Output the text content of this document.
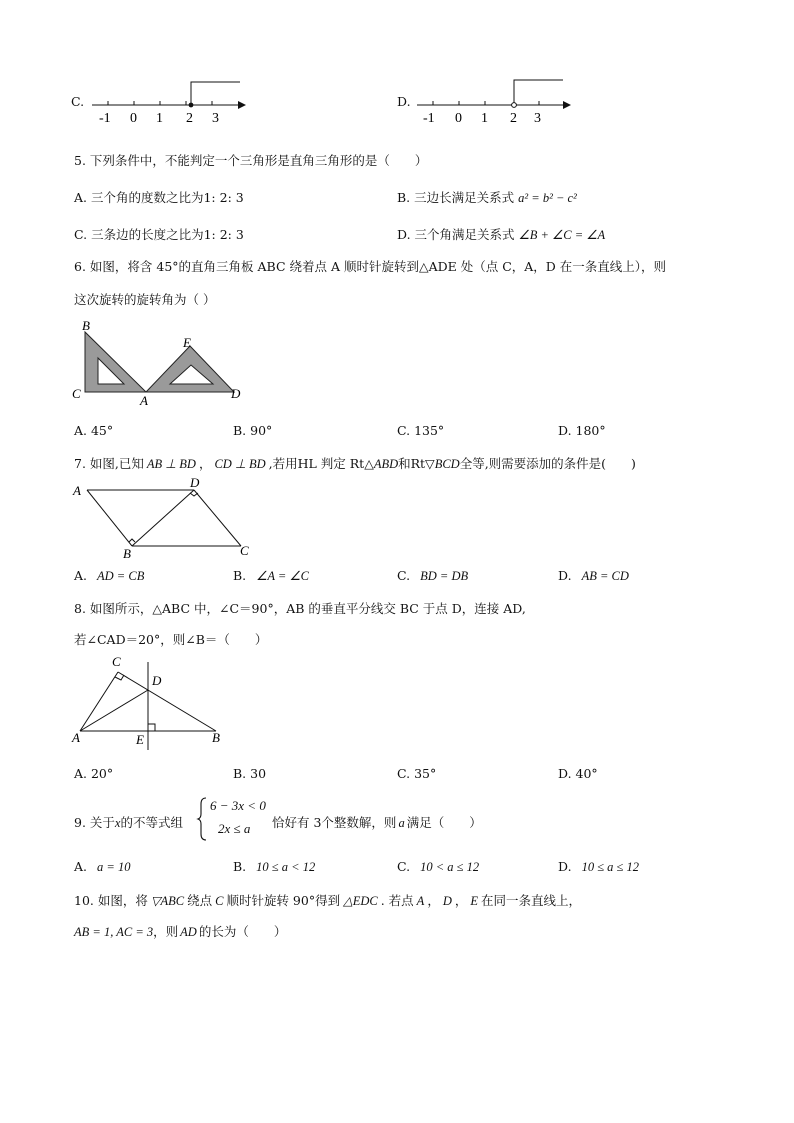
C.
-1 0 1 2 3
D.
-1 0 1 2 3
5. 下列条件中，不能判定一个三角形是直角三角形的是（　　）
A. 三个角的度数之比为1: 2: 3	B. 三边长满足关系式 a² = b² − c²
C. 三条边的长度之比为1: 2: 3	D. 三个角满足关系式 ∠B + ∠C = ∠A
6. 如图，将含 45°的直角三角板 ABC 绕着点 A 顺时针旋转到△ADE 处（点 C，A，D 在一条直线上），则
这次旋转的旋转角为（ ）
B
E
C	A	D
A. 45°	B. 90°	C. 135°	D. 180°
7. 如图,已知 AB ⊥ BD ， CD ⊥ BD ,若用HL 判定 Rt△ABD和Rt▽BCD全等,则需要添加的条件是(　　)
A
D
B	C
A. AD = CB	B. ∠A = ∠C	C. BD = DB	D. AB = CD
8. 如图所示，△ABC 中，∠C＝90°，AB 的垂直平分线交 BC 于点 D，连接 AD,
若∠CAD＝20°，则∠B＝（　　）
C
D
A	E	B
A. 20°	B. 30	C. 35°	D. 40°
9. 关于x的不等式组
6 − 3x < 0
2x ≤ a 恰好有 3个整数解，则 a 满足（　　）
A. a = 10	B. 10 ≤ a < 12	C. 10 < a ≤ 12	D. 10 ≤ a ≤ 12
10. 如图，将 ▽ABC 绕点 C 顺时针旋转 90°得到 △EDC . 若点 A ， D ， E 在同一条直线上，
AB = 1, AC = 3，则 AD 的长为（　　）
